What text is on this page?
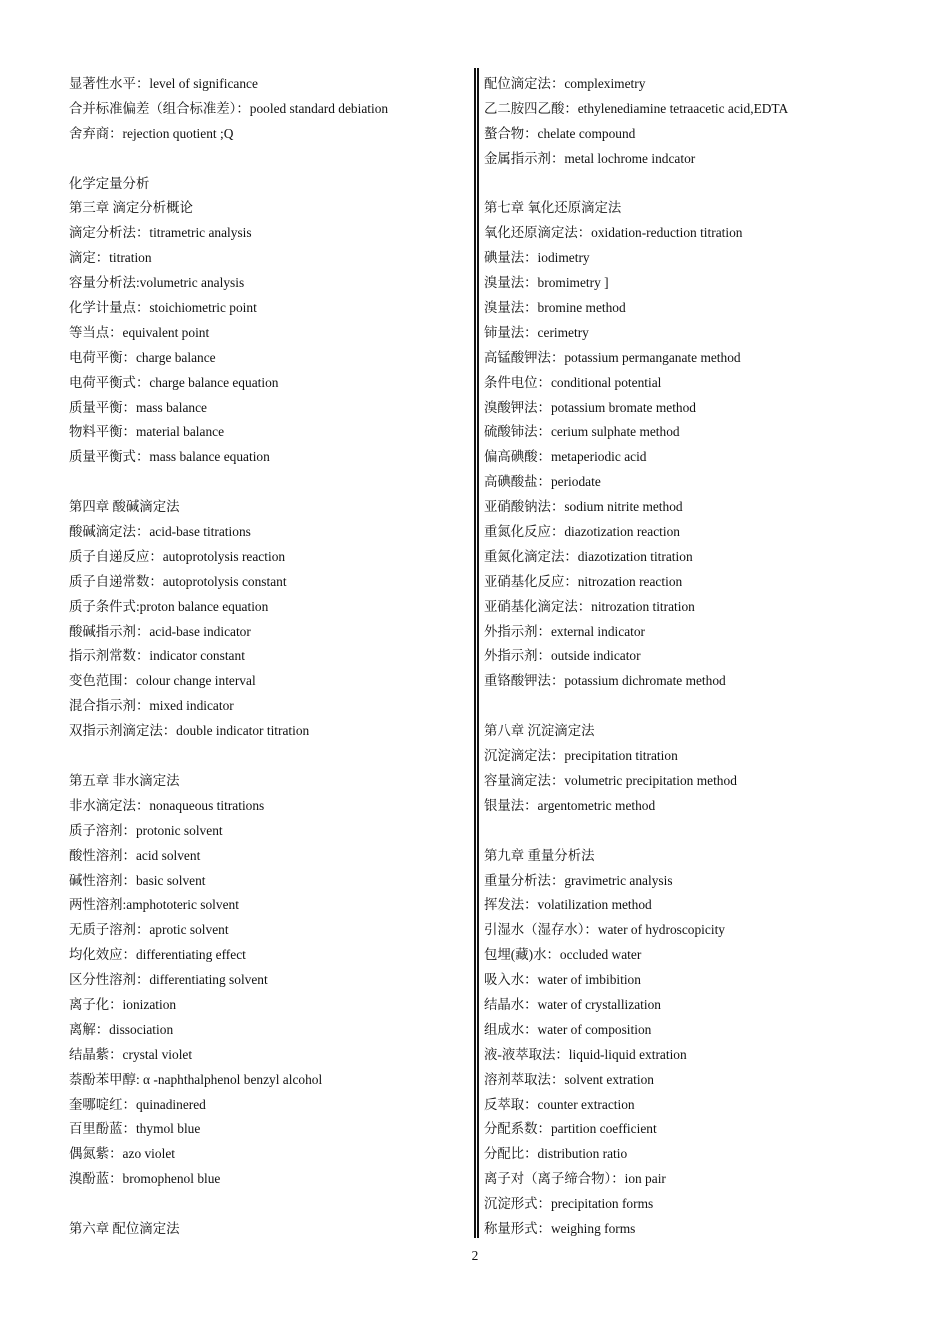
显著性水平：level of significance
合并标准偏差（组合标准差）：pooled standard debiation
舍弃商：rejection quotient ;Q
化学定量分析
第三章 滴定分析概论
滴定分析法：titrametric analysis
滴定：titration
容量分析法:volumetric analysis
化学计量点：stoichiometric point
等当点：equivalent point
电荷平衡：charge balance
电荷平衡式：charge balance equation
质量平衡：mass balance
物料平衡：material balance
质量平衡式：mass balance equation
第四章 酸碱滴定法
酸碱滴定法：acid-base titrations
质子自递反应：autoprotolysis reaction
质子自递常数：autoprotolysis constant
质子条件式:proton balance equation
酸碱指示剂：acid-base indicator
指示剂常数：indicator constant
变色范围：colour change interval
混合指示剂：mixed indicator
双指示剂滴定法：double indicator titration
第五章 非水滴定法
非水滴定法：nonaqueous titrations
质子溶剂：protonic solvent
酸性溶剂：acid solvent
碱性溶剂：basic solvent
两性溶剂:amphototeric solvent
无质子溶剂：aprotic solvent
均化效应：differentiating effect
区分性溶剂：differentiating solvent
离子化：ionization
离解：dissociation
结晶紫：crystal violet
萘酚苯甲醇: α -naphthalphenol benzyl alcohol
奎哪啶红：quinadinered
百里酚蓝：thymol blue
偶氮紫：azo violet
溴酚蓝：bromophenol blue
第六章 配位滴定法
配位滴定法：compleximetry
乙二胺四乙酸：ethylenediamine tetraacetic acid,EDTA
螯合物：chelate compound
金属指示剂：metal lochrome indcator
第七章 氧化还原滴定法
氧化还原滴定法：oxidation-reduction titration
碘量法：iodimetry
溴量法：bromimetry ]
溴量法：bromine method
铈量法：cerimetry
高锰酸钾法：potassium permanganate method
条件电位：conditional potential
溴酸钾法：potassium bromate method
硫酸铈法：cerium sulphate method
偏高碘酸：metaperiodic acid
高碘酸盐：periodate
亚硝酸钠法：sodium nitrite method
重氮化反应：diazotization reaction
重氮化滴定法：diazotization titration
亚硝基化反应：nitrozation reaction
亚硝基化滴定法：nitrozation titration
外指示剂：external indicator
外指示剂：outside indicator
重铬酸钾法：potassium dichromate method
第八章 沉淀滴定法
沉淀滴定法：precipitation titration
容量滴定法：volumetric precipitation method
银量法：argentometric method
第九章 重量分析法
重量分析法：gravimetric analysis
挥发法：volatilization method
引湿水（湿存水）：water of hydroscopicity
包埋(藏)水：occluded water
吸入水：water of imbibition
结晶水：water of crystallization
组成水：water of composition
液-液萃取法：liquid-liquid extration
溶剂萃取法：solvent extration
反萃取：counter extraction
分配系数：partition coefficient
分配比：distribution ratio
离子对（离子缔合物）：ion pair
沉淀形式：precipitation forms
称量形式：weighing forms
2
